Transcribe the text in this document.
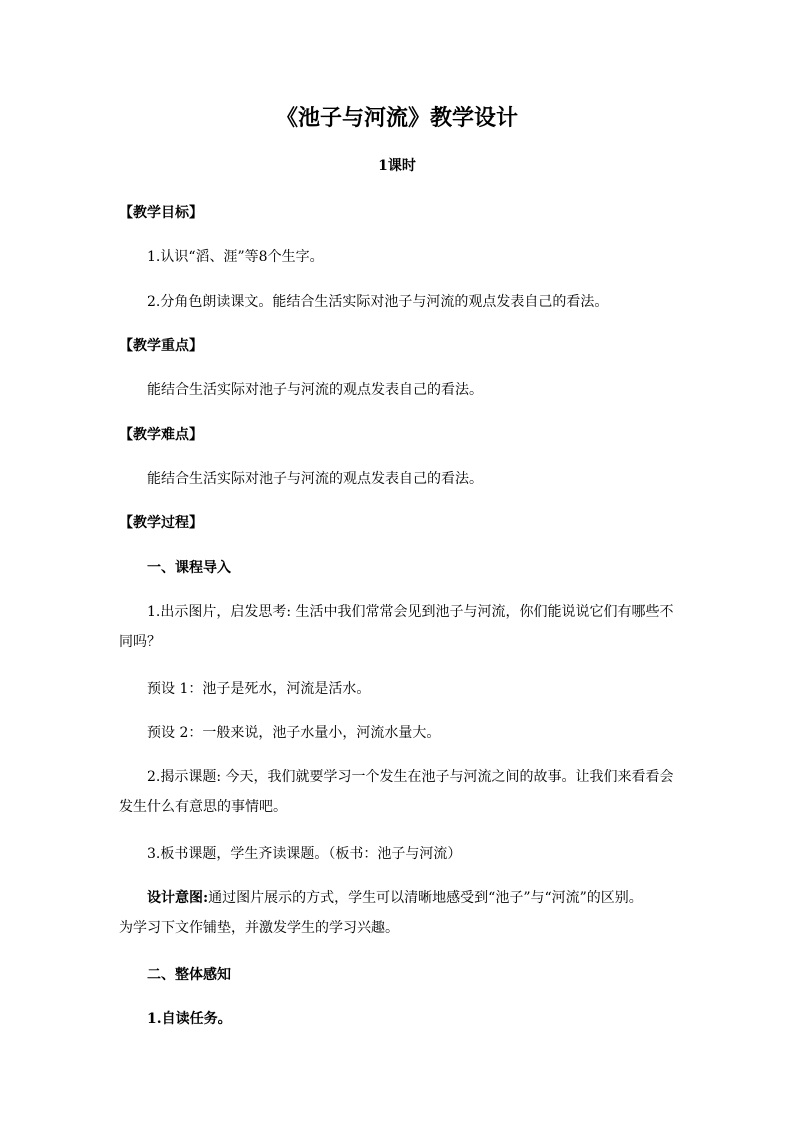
《池子与河流》教学设计
1课时
【教学目标】
1.认识“滔、涯”等8个生字。
2.分角色朗读课文。能结合生活实际对池子与河流的观点发表自己的看法。
【教学重点】
能结合生活实际对池子与河流的观点发表自己的看法。
【教学难点】
能结合生活实际对池子与河流的观点发表自己的看法。
【教学过程】
一、课程导入
1.出示图片，启发思考: 生活中我们常常会见到池子与河流，你们能说说它们有哪些不
同吗？
预设 1：池子是死水，河流是活水。
预设 2：一般来说，池子水量小，河流水量大。
2.揭示课题: 今天，我们就要学习一个发生在池子与河流之间的故事。让我们来看看会
发生什么有意思的事情吧。
3.板书课题，学生齐读课题。（板书：池子与河流）
设计意图:通过图片展示的方式，学生可以清晰地感受到“池子”与“河流”的区别。
为学习下文作铺垫，并激发学生的学习兴趣。
二、整体感知
1.自读任务。
